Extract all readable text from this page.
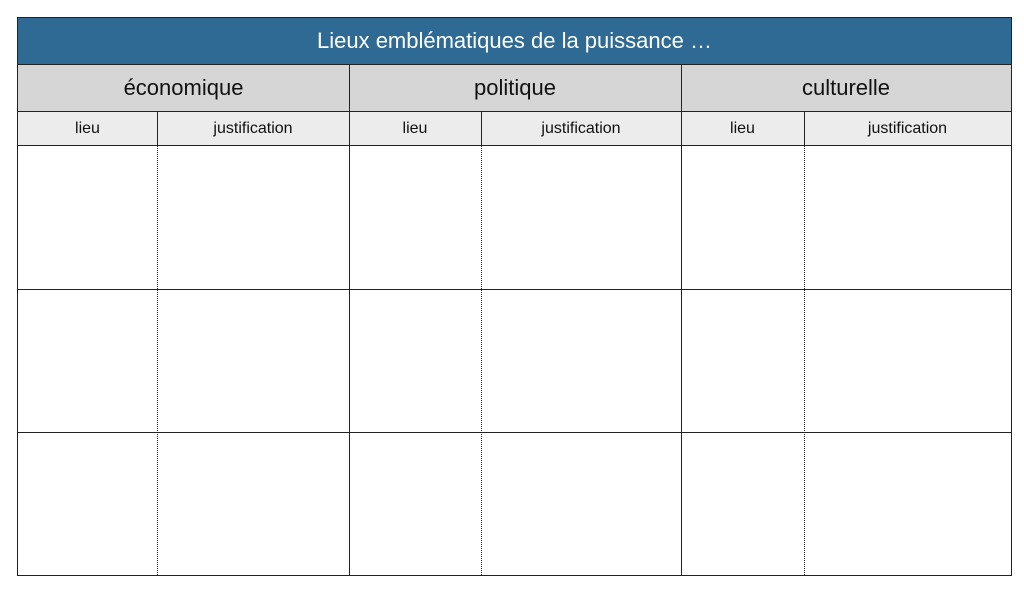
Lieux emblématiques de la puissance …
économique	politique	culturelle
lieu	justification	lieu	justification	lieu	justification
